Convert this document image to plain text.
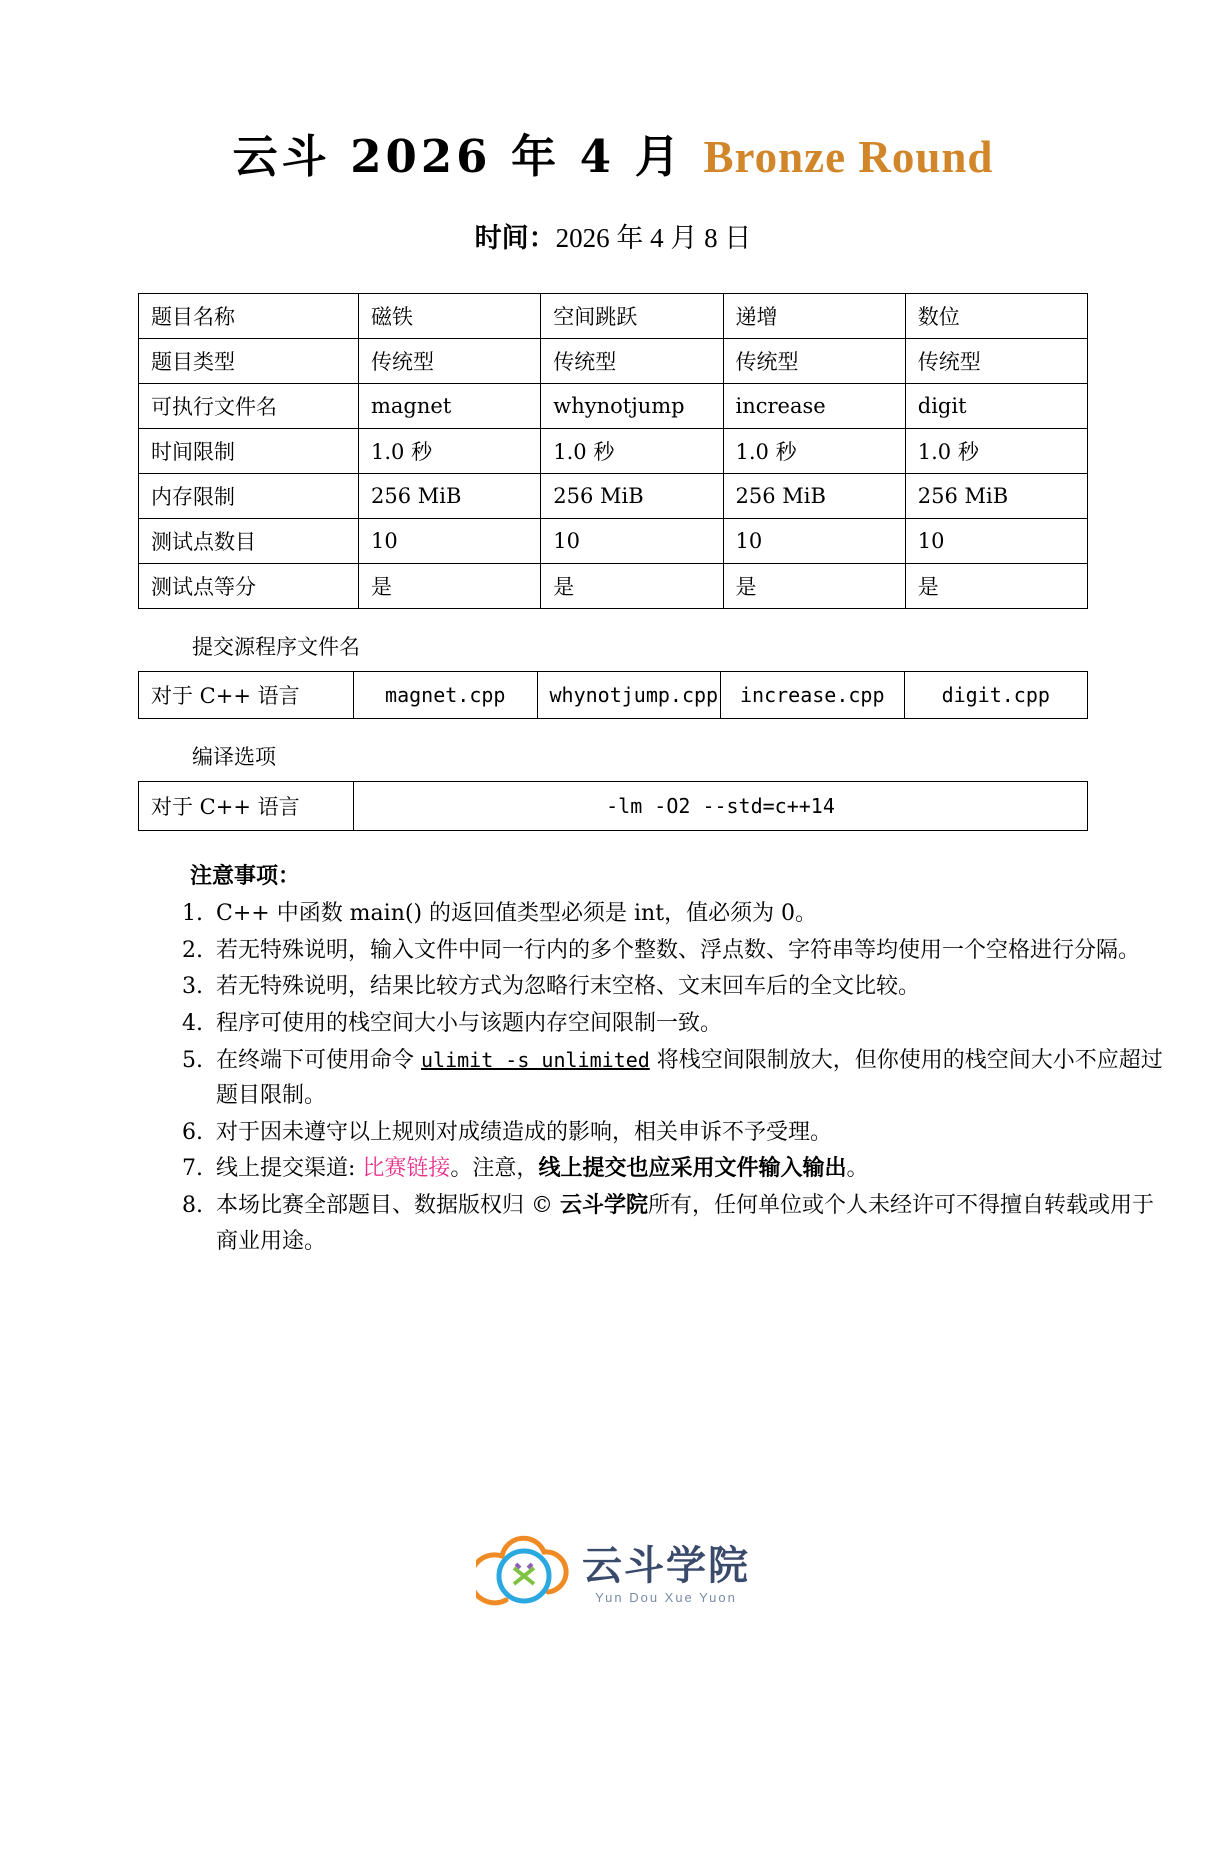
云斗 2026 年 4 月 Bronze Round
时间：2026 年 4 月 8 日
题目名称	磁铁	空间跳跃	递增	数位
题目类型	传统型	传统型	传统型	传统型
可执行文件名	magnet	whynotjump	increase	digit
时间限制	1.0 秒	1.0 秒	1.0 秒	1.0 秒
内存限制	256 MiB	256 MiB	256 MiB	256 MiB
测试点数目	10	10	10	10
测试点等分	是	是	是	是
提交源程序文件名
对于 C++ 语言	magnet.cpp	whynotjump.cpp	increase.cpp	digit.cpp
编译选项
对于 C++ 语言	-lm -O2 --std=c++14
注意事项：
1. C++ 中函数 main() 的返回值类型必须是 int，值必须为 0。
2. 若无特殊说明，输入文件中同一行内的多个整数、浮点数、字符串等均使用一个空格进行分隔。
3. 若无特殊说明，结果比较方式为忽略行末空格、文末回车后的全文比较。
4. 程序可使用的栈空间大小与该题内存空间限制一致。
5. 在终端下可使用命令 ulimit -s unlimited 将栈空间限制放大，但你使用的栈空间大小不应超过题目限制。
6. 对于因未遵守以上规则对成绩造成的影响，相关申诉不予受理。
7. 线上提交渠道: 比赛链接。注意，线上提交也应采用文件输入输出。
8. 本场比赛全部题目、数据版权归 © 云斗学院所有，任何单位或个人未经许可不得擅自转载或用于商业用途。
云斗学院
Yun Dou Xue Yuon
